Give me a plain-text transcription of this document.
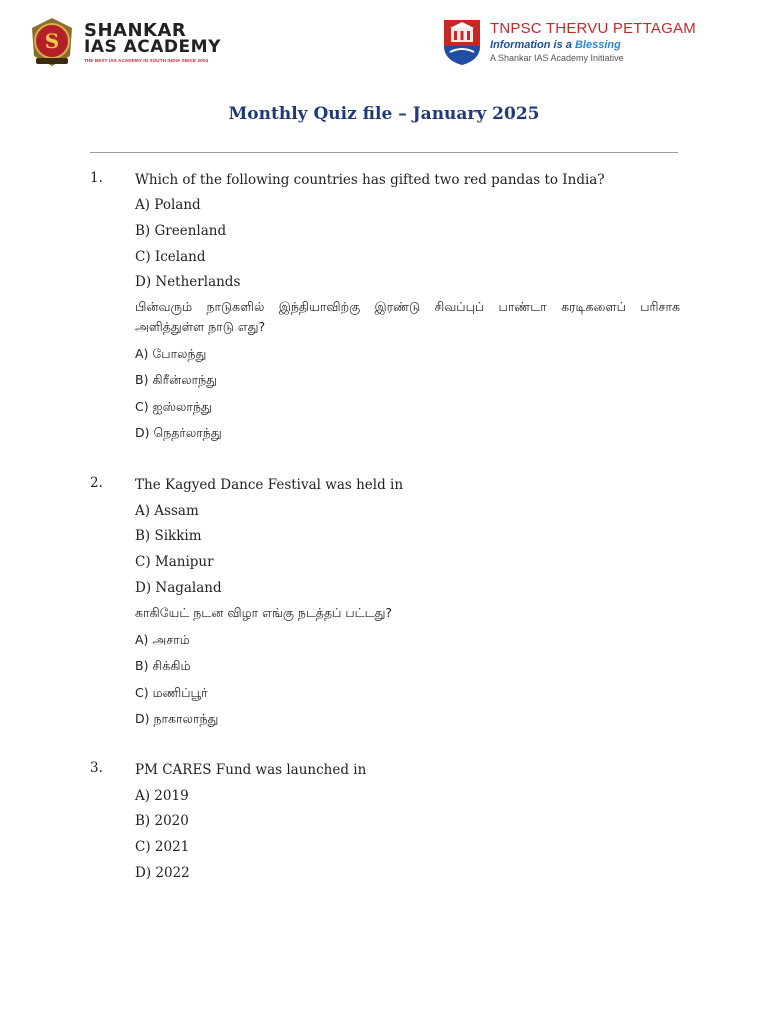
S SHANKAR
IAS ACADEMY
THE BEST IAS ACADEMY IN SOUTH INDIA SINCE 2004
TNPSC THERVU PETTAGAM
Information is a Blessing
A Shankar IAS Academy Initiative
Monthly Quiz file – January 2025
1. Which of the following countries has gifted two red pandas to India?
A) Poland
B) Greenland
C) Iceland
D) Netherlands
பின்வரும் நாடுகளில் இந்தியாவிற்கு இரண்டு சிவப்புப் பாண்டா கரடிகளைப் பரிசாக அளித்துள்ள நாடு எது?
A) போலந்து
B) கிரீன்லாந்து
C) ஐஸ்லாந்து
D) நெதர்லாந்து
2. The Kagyed Dance Festival was held in
A) Assam
B) Sikkim
C) Manipur
D) Nagaland
காகியேட் நடன விழா எங்கு நடத்தப் பட்டது?
A) அசாம்
B) சிக்கிம்
C) மணிப்பூர்
D) நாகாலாந்து
3. PM CARES Fund was launched in
A) 2019
B) 2020
C) 2021
D) 2022
